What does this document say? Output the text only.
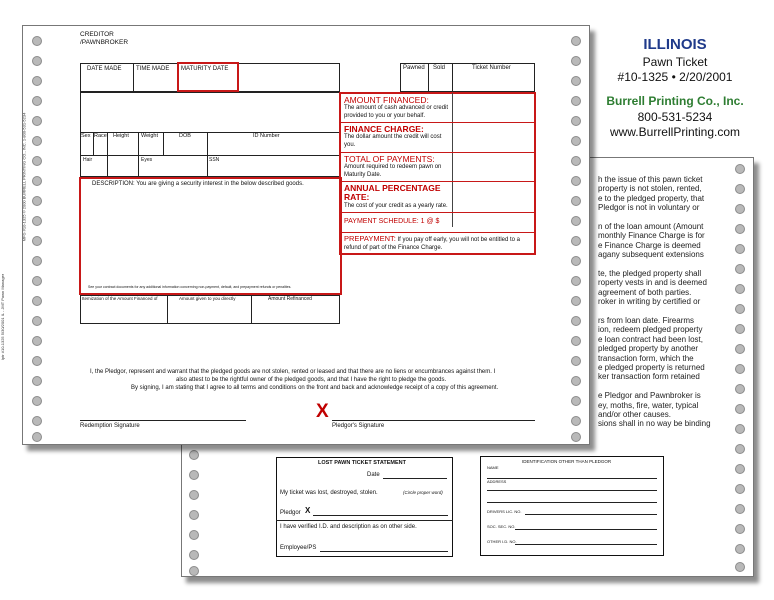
h the issue of this pawn ticket
property is not stolen, rented,
e to the pledged property, that
Pledgor is not in voluntary or
n of the loan amount (Amount
monthly Finance Charge is for
e Finance Charge is deemed
agany subsequent extensions
te, the pledged property shall
roperty vests in and is deemed
agreement of both parties.
roker in writing by certified or
rs from loan date. Firearms
ion, redeem pledged property
e loan contract had been lost,
pledged property by another
transaction form, which the
e pledged property is returned
ker transaction form retained
e Pledgor and Pawnbroker is
ey, moths, fire, water, typical
and/or other causes.
sions shall in no way be binding
LOST PAWN TICKET STATEMENT
Date
My ticket was lost, destroyed, stolen.	(Circle proper word)
Pledgor X
I have verified I.D. and description as on other side.
Employee/PS
IDENTIFICATION OTHER THAN PLEDGOR
NAME
ADDRESS
DRIVERS LIC. NO.
SOC. SEC. NO.
OTHER I.D. NO.
MFG #10-1325 © 2000 BURRELL PRINTING CO., INC. 1-800-531-5234
Iptr #10-1325 5/30/2001 IL - JMT Pawn Manager
CREDITOR
/PAWNBROKER
DATE MADE TIME MADE MATURITY DATE	Pawned Sold	Ticket Number
Sex Race Height Weight	DOB	ID Number
Hair	Eyes	SSN
DESCRIPTION: You are giving a security interest in the below described goods.
See your contract documents for any additional information concerning non-payment, default, and prepayment refunds or penalties.
Itemization of the Amount Financed of	Amount given to you directly	Amount Refinanced
AMOUNT FINANCED:
The amount of cash advanced or credit provided to you or your behalf.
FINANCE CHARGE:
The dollar amount the credit will cost you.
TOTAL OF PAYMENTS:
Amount required to redeem pawn on Maturity Date.
ANNUAL PERCENTAGE RATE:
The cost of your credit as a yearly rate.
PAYMENT SCHEDULE: 1 @ $
PREPAYMENT: If you pay off early, you will not be entitled to a refund of part of the Finance Charge.
I, the Pledgor, represent and warrant that the pledged goods are not stolen, rented or leased and that there are no liens or encumbrances against them. I
also attest to be the rightful owner of the pledged goods, and that I have the right to pledge the goods.
By signing, I am stating that I agree to all terms and conditions on the front and back and acknowledge receipt of a copy of this agreement.
Redemption Signature
X
Pledgor's Signature
ILLINOIS
Pawn Ticket
#10-1325 • 2/20/2001
Burrell Printing Co., Inc.
800-531-5234
www.BurrellPrinting.com
